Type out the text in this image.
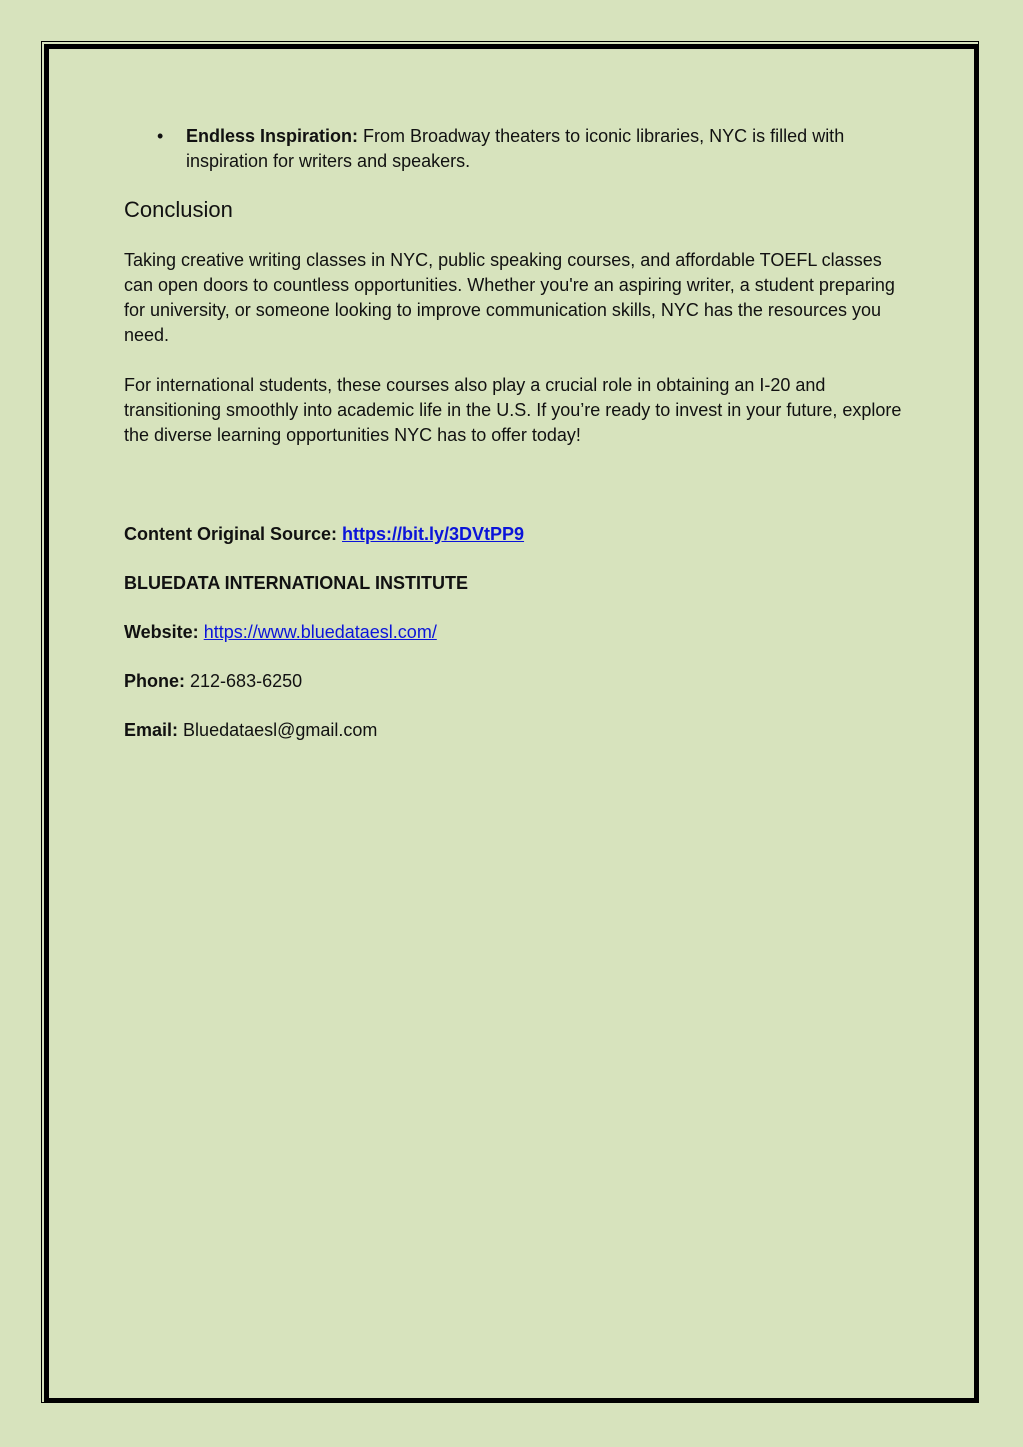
• Endless Inspiration: From Broadway theaters to iconic libraries, NYC is filled with inspiration for writers and speakers.
Conclusion

Taking creative writing classes in NYC, public speaking courses, and affordable TOEFL classes can open doors to countless opportunities. Whether you're an aspiring writer, a student preparing for university, or someone looking to improve communication skills, NYC has the resources you need.

For international students, these courses also play a crucial role in obtaining an I-20 and transitioning smoothly into academic life in the U.S. If you’re ready to invest in your future, explore the diverse learning opportunities NYC has to offer today!

Content Original Source: https://bit.ly/3DVtPP9

BLUEDATA INTERNATIONAL INSTITUTE

Website: https://www.bluedataesl.com/

Phone: 212-683-6250

Email: Bluedataesl@gmail.com
